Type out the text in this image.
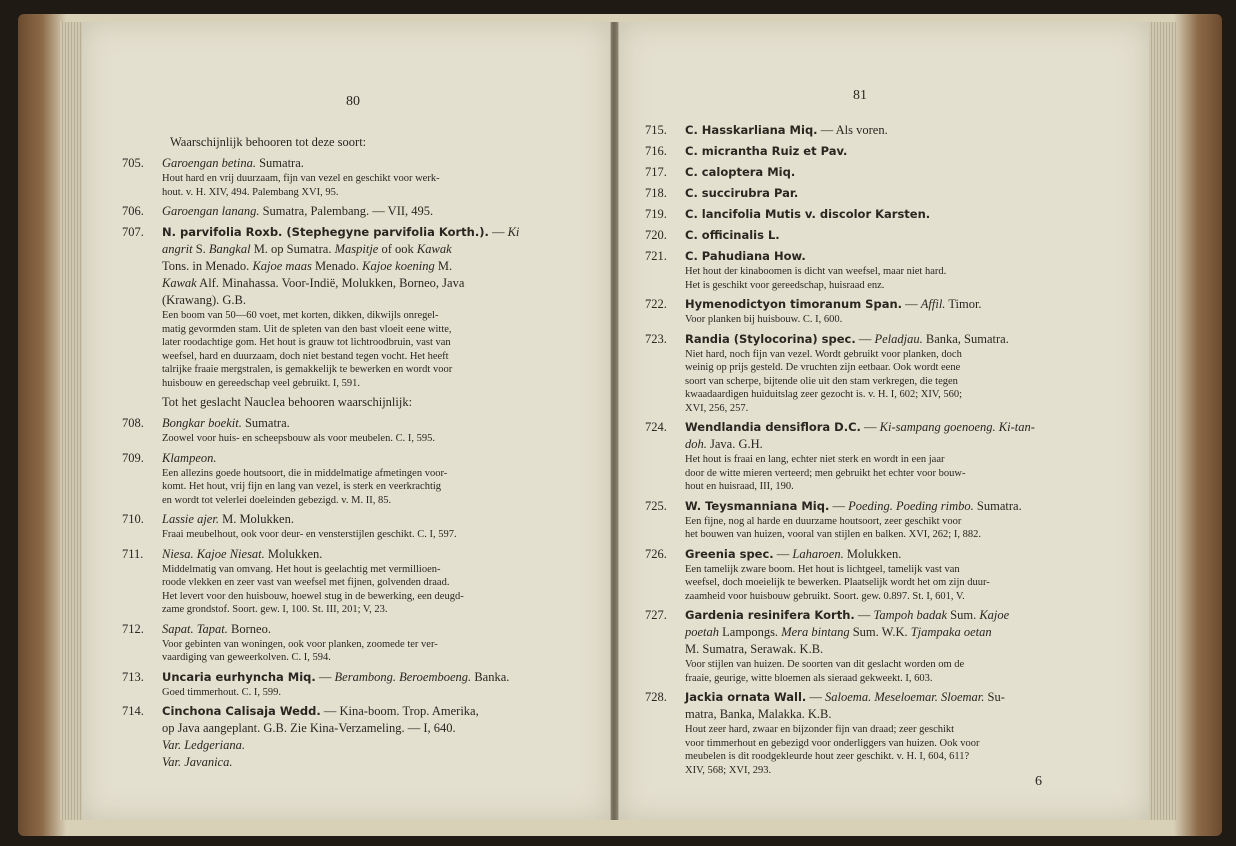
80
Waarschijnlijk behooren tot deze soort:
705. Garoengan betina. Sumatra.
Hout hard en vrij duurzaam, fijn van vezel en geschikt voor werk-
hout. v. H. XIV, 494. Palembang XVI, 95.
706. Garoengan lanang. Sumatra, Palembang. — VII, 495.
707. N. parvifolia Roxb. (Stephegyne parvifolia Korth.). — Ki
angrit S. Bangkal M. op Sumatra. Maspitje of ook Kawak
Tons. in Menado. Kajoe maas Menado. Kajoe koening M.
Kawak Alf. Minahassa. Voor-Indië, Molukken, Borneo, Java
(Krawang). G.B.
Een boom van 50—60 voet, met korten, dikken, dikwijls onregel-
matig gevormden stam. Uit de spleten van den bast vloeit eene witte,
later roodachtige gom. Het hout is grauw tot lichtroodbruin, vast van
weefsel, hard en duurzaam, doch niet bestand tegen vocht. Het heeft
talrijke fraaie mergstralen, is gemakkelijk te bewerken en wordt voor
huisbouw en gereedschap veel gebruikt. I, 591.
Tot het geslacht Nauclea behooren waarschijnlijk:
708. Bongkar boekit. Sumatra.
Zoowel voor huis- en scheepsbouw als voor meubelen. C. I, 595.
709. Klampeon.
Een allezins goede houtsoort, die in middelmatige afmetingen voor-
komt. Het hout, vrij fijn en lang van vezel, is sterk en veerkrachtig
en wordt tot velerlei doeleinden gebezigd. v. M. II, 85.
710. Lassie ajer. M. Molukken.
Fraai meubelhout, ook voor deur- en vensterstijlen geschikt. C. I, 597.
711. Niesa. Kajoe Niesat. Molukken.
Middelmatig van omvang. Het hout is geelachtig met vermillioen-
roode vlekken en zeer vast van weefsel met fijnen, golvenden draad.
Het levert voor den huisbouw, hoewel stug in de bewerking, een deugd-
zame grondstof. Soort. gew. I, 100. St. III, 201; V, 23.
712. Sapat. Tapat. Borneo.
Voor gebinten van woningen, ook voor planken, zoomede ter ver-
vaardiging van geweerkolven. C. I, 594.
713. Uncaria eurhyncha Miq. — Berambong. Beroemboeng. Banka.
Goed timmerhout. C. I, 599.
714. Cinchona Calisaja Wedd. — Kina-boom. Trop. Amerika,
op Java aangeplant. G.B. Zie Kina-Verzameling. — I, 640.
Var. Ledgeriana.
Var. Javanica.
81
715. C. Hasskarliana Miq. — Als voren.
716. C. micrantha Ruiz et Pav.
717. C. caloptera Miq.
718. C. succirubra Par.
719. C. lancifolia Mutis v. discolor Karsten.
720. C. officinalis L.
721. C. Pahudiana How.
Het hout der kinaboomen is dicht van weefsel, maar niet hard.
Het is geschikt voor gereedschap, huisraad enz.
722. Hymenodictyon timoranum Span. — Affil. Timor.
Voor planken bij huisbouw. C. I, 600.
723. Randia (Stylocorina) spec. — Peladjau. Banka, Sumatra.
Niet hard, noch fijn van vezel. Wordt gebruikt voor planken, doch
weinig op prijs gesteld. De vruchten zijn eetbaar. Ook wordt eene
soort van scherpe, bijtende olie uit den stam verkregen, die tegen
kwaadaardigen huiduitslag zeer gezocht is. v. H. I, 602; XIV, 560;
XVI, 256, 257.
724. Wendlandia densiflora D.C. — Ki-sampang goenoeng. Ki-tan-
doh. Java. G.H.
Het hout is fraai en lang, echter niet sterk en wordt in een jaar
door de witte mieren verteerd; men gebruikt het echter voor bouw-
hout en huisraad, III, 190.
725. W. Teysmanniana Miq. — Poeding. Poeding rimbo. Sumatra.
Een fijne, nog al harde en duurzame houtsoort, zeer geschikt voor
het bouwen van huizen, vooral van stijlen en balken. XVI, 262; I, 882.
726. Greenia spec. — Laharoen. Molukken.
Een tamelijk zware boom. Het hout is lichtgeel, tamelijk vast van
weefsel, doch moeielijk te bewerken. Plaatselijk wordt het om zijn duur-
zaamheid voor huisbouw gebruikt. Soort. gew. 0.897. St. I, 601, V.
727. Gardenia resinifera Korth. — Tampoh badak Sum. Kajoe
poetah Lampongs. Mera bintang Sum. W.K. Tjampaka oetan
M. Sumatra, Serawak. K.B.
Voor stijlen van huizen. De soorten van dit geslacht worden om de
fraaie, geurige, witte bloemen als sieraad gekweekt. I, 603.
728. Jackia ornata Wall. — Saloema. Meseloemar. Sloemar. Su-
matra, Banka, Malakka. K.B.
Hout zeer hard, zwaar en bijzonder fijn van draad; zeer geschikt
voor timmerhout en gebezigd voor onderliggers van huizen. Ook voor
meubelen is dit roodgekleurde hout zeer geschikt. v. H. I, 604, 611?
XIV, 568; XVI, 293.
6
